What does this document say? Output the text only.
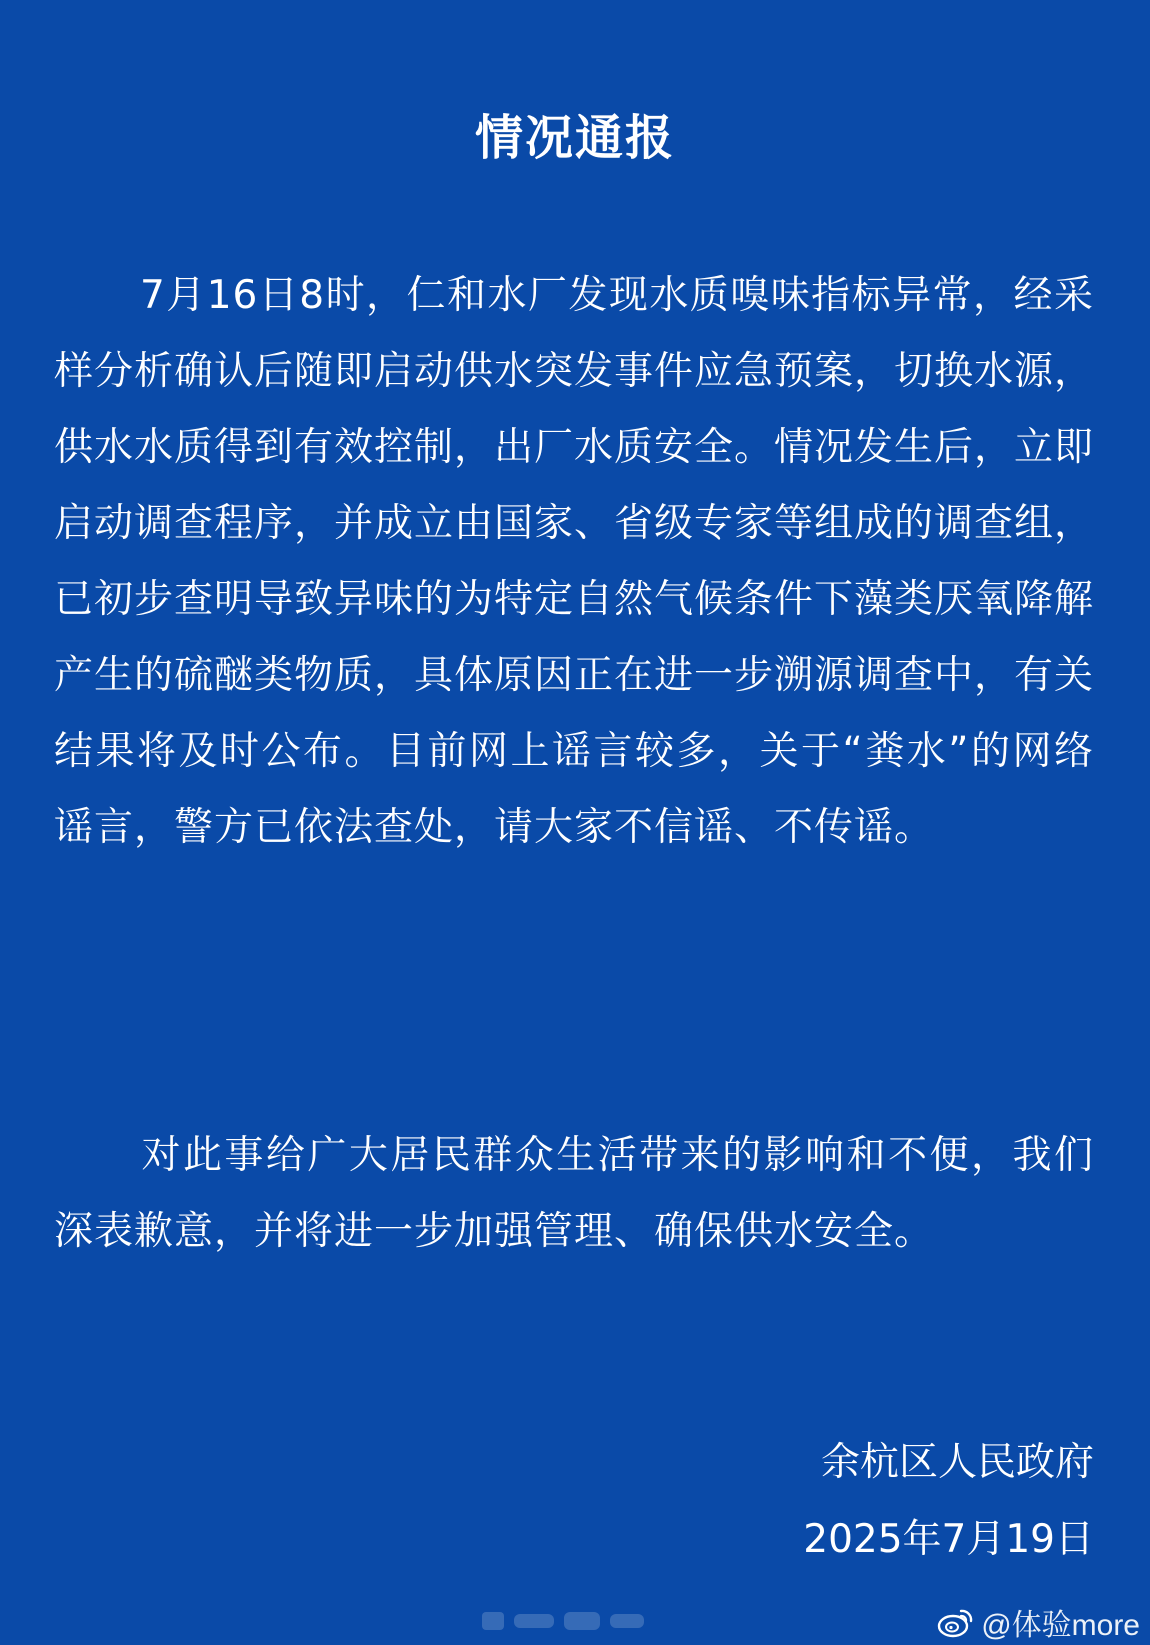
情况通报

7月16日8时，仁和水厂发现水质嗅味指标异常，经采样分析确认后随即启动供水突发事件应急预案，切换水源，供水水质得到有效控制，出厂水质安全。情况发生后，立即启动调查程序，并成立由国家、省级专家等组成的调查组，已初步查明导致异味的为特定自然气候条件下藻类厌氧降解产生的硫醚类物质，具体原因正在进一步溯源调查中，有关结果将及时公布。目前网上谣言较多，关于“粪水”的网络谣言，警方已依法查处，请大家不信谣、不传谣。

对此事给广大居民群众生活带来的影响和不便，我们深表歉意，并将进一步加强管理、确保供水安全。

余杭区人民政府

2025年7月19日

@体验more
